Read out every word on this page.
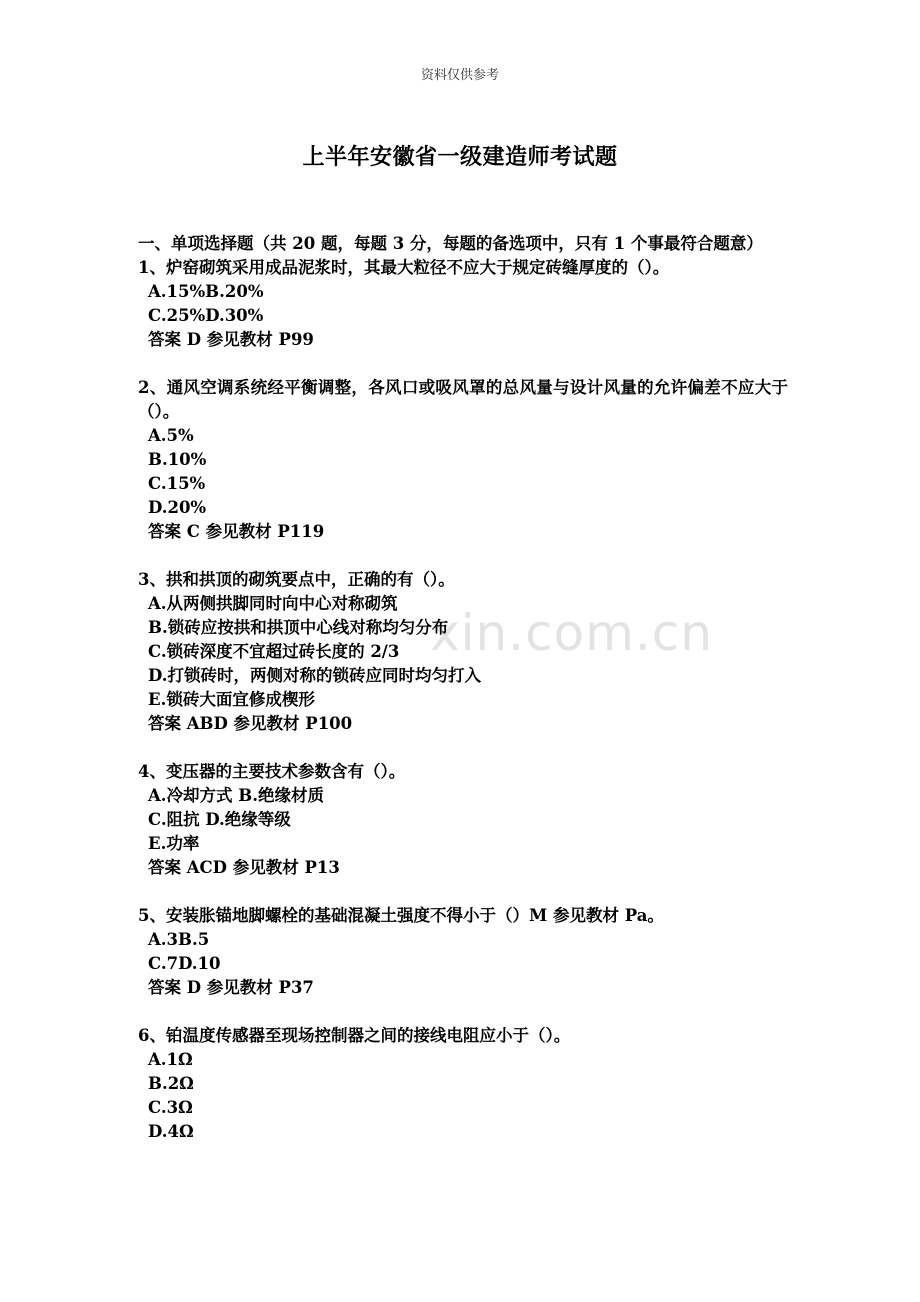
资料仅供参考
上半年安徽省一级建造师考试题
xin.com.cn

一、单项选择题（共 20 题，每题 3 分，每题的备选项中，只有 1 个事最符合题意）

1、炉窑砌筑采用成品泥浆时，其最大粒径不应大于规定砖缝厚度的（）。

A.15%B.20%

C.25%D.30%

答案 D 参见教材 P99

2、通风空调系统经平衡调整，各风口或吸风罩的总风量与设计风量的允许偏差不应大于（）。

A.5%

B.10%

C.15%

D.20%

答案 C 参见教材 P119

3、拱和拱顶的砌筑要点中，正确的有（）。

A.从两侧拱脚同时向中心对称砌筑

B.锁砖应按拱和拱顶中心线对称均匀分布

C.锁砖深度不宜超过砖长度的 2/3

D.打锁砖时，两侧对称的锁砖应同时均匀打入

E.锁砖大面宜修成楔形

答案 ABD 参见教材 P100

4、变压器的主要技术参数含有（）。

A.冷却方式 B.绝缘材质

C.阻抗 D.绝缘等级

E.功率

答案 ACD 参见教材 P13

5、安装胀锚地脚螺栓的基础混凝土强度不得小于（）M 参见教材 Pa。

A.3B.5

C.7D.10

答案 D 参见教材 P37

6、铂温度传感器至现场控制器之间的接线电阻应小于（）。

A.1Ω

B.2Ω

C.3Ω

D.4Ω
